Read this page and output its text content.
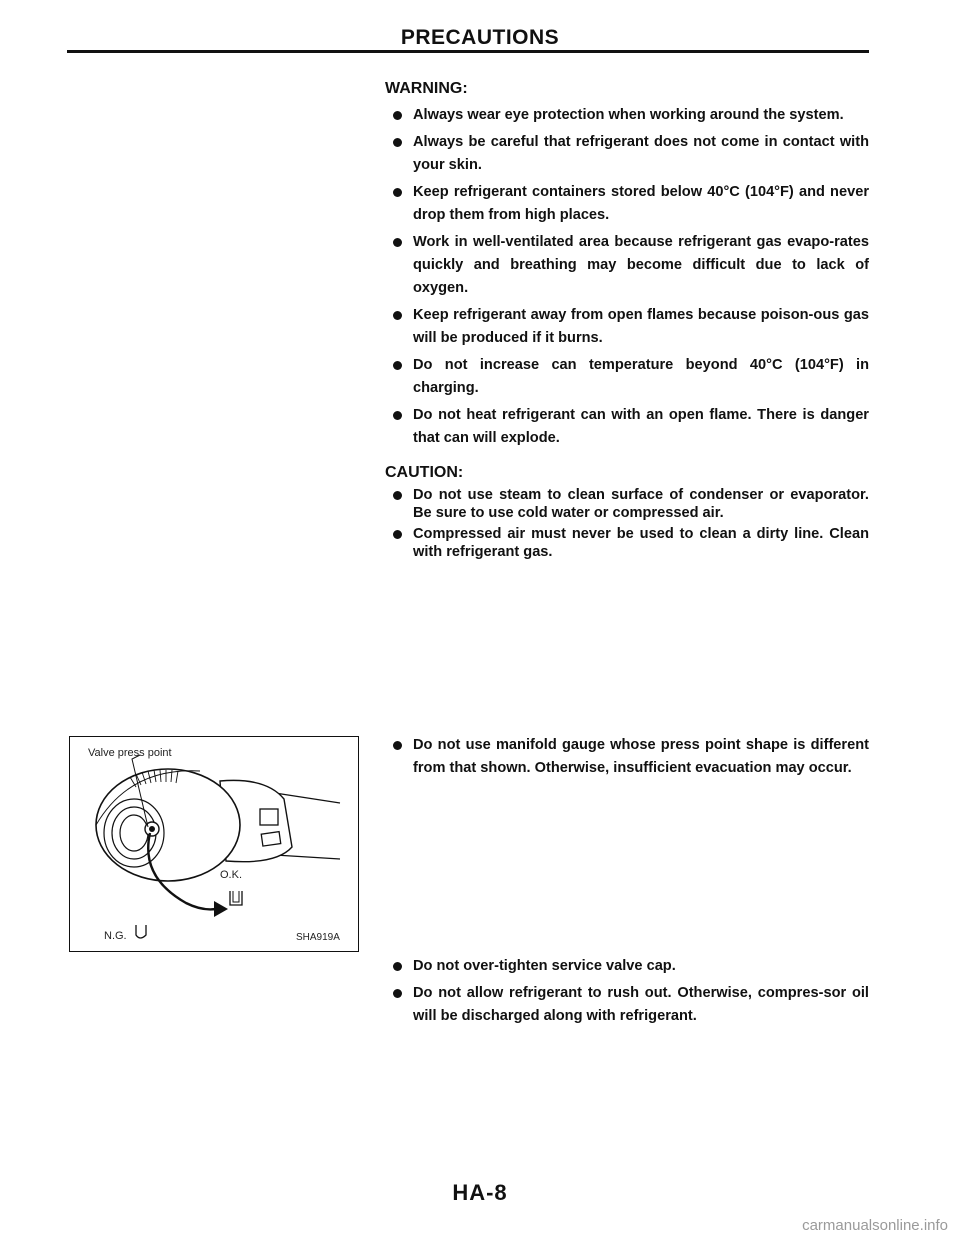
PRECAUTIONS
WARNING:
Always wear eye protection when working around the system.
Always be careful that refrigerant does not come in contact with your skin.
Keep refrigerant containers stored below 40°C (104°F) and never drop them from high places.
Work in well-ventilated area because refrigerant gas evapo-rates quickly and breathing may become difficult due to lack of oxygen.
Keep refrigerant away from open flames because poison-ous gas will be produced if it burns.
Do not increase can temperature beyond 40°C (104°F) in charging.
Do not heat refrigerant can with an open flame. There is danger that can will explode.
CAUTION:
Do not use steam to clean surface of condenser or evaporator. Be sure to use cold water or compressed air.
Compressed air must never be used to clean a dirty line. Clean with refrigerant gas.
Do not use manifold gauge whose press point shape is different from that shown. Otherwise, insufficient evacuation may occur.
Do not over-tighten service valve cap.
Do not allow refrigerant to rush out. Otherwise, compres-sor oil will be discharged along with refrigerant.
Valve press point
O.K.
N.G.	SHA919A
HA-8
carmanualsonline.info
